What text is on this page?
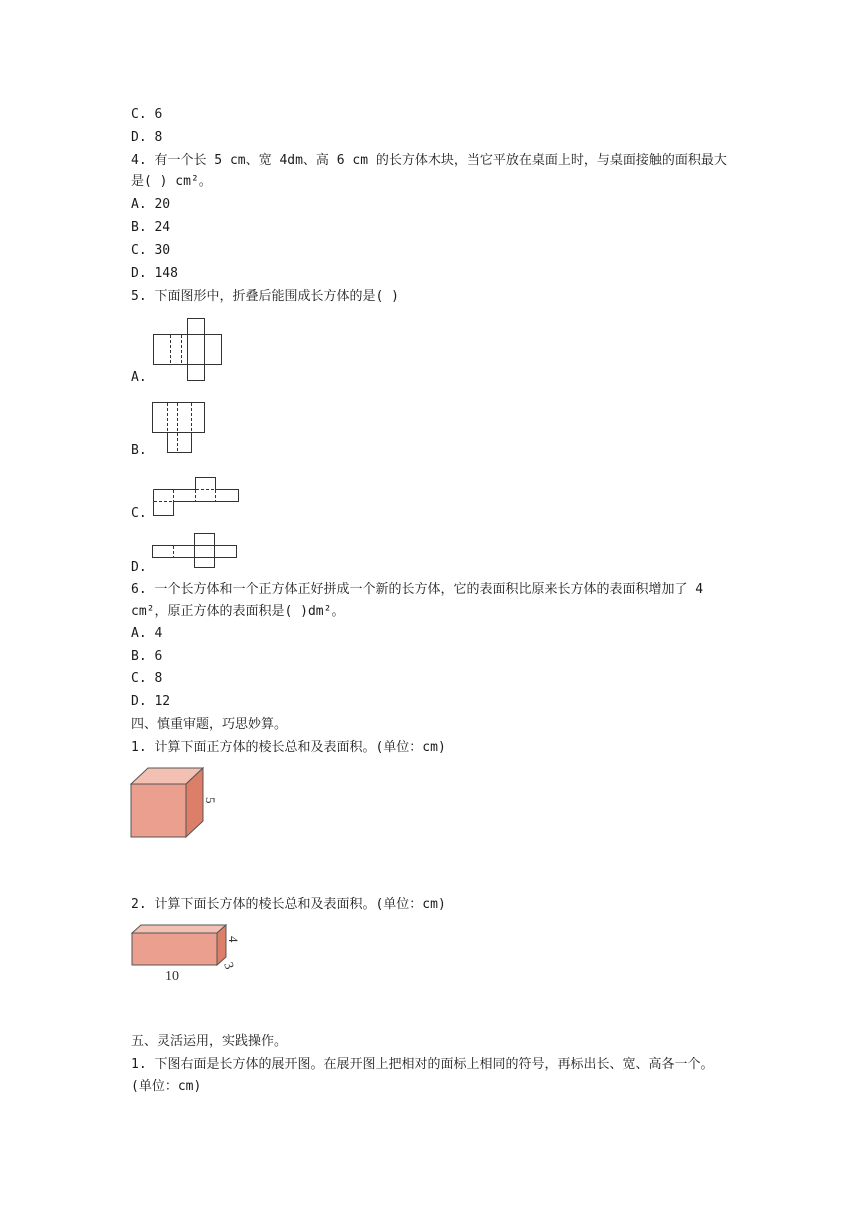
C. 6
D. 8
4. 有一个长 5 cm、宽 4dm、高 6 cm 的长方体木块，当它平放在桌面上时，与桌面接触的面积最大
是( ) cm²。
A. 20
B. 24
C. 30
D. 148
5. 下面图形中，折叠后能围成长方体的是( )
A.
B.
C.
D.
6. 一个长方体和一个正方体正好拼成一个新的长方体，它的表面积比原来长方体的表面积增加了 4
cm²，原正方体的表面积是( )dm²。
A. 4
B. 6
C. 8
D. 12
四、慎重审题，巧思妙算。
1. 计算下面正方体的棱长总和及表面积。(单位：cm)
5
2. 计算下面长方体的棱长总和及表面积。(单位：cm)
4
3
10
五、灵活运用，实践操作。
1. 下图右面是长方体的展开图。在展开图上把相对的面标上相同的符号，再标出长、宽、高各一个。
(单位：cm)
